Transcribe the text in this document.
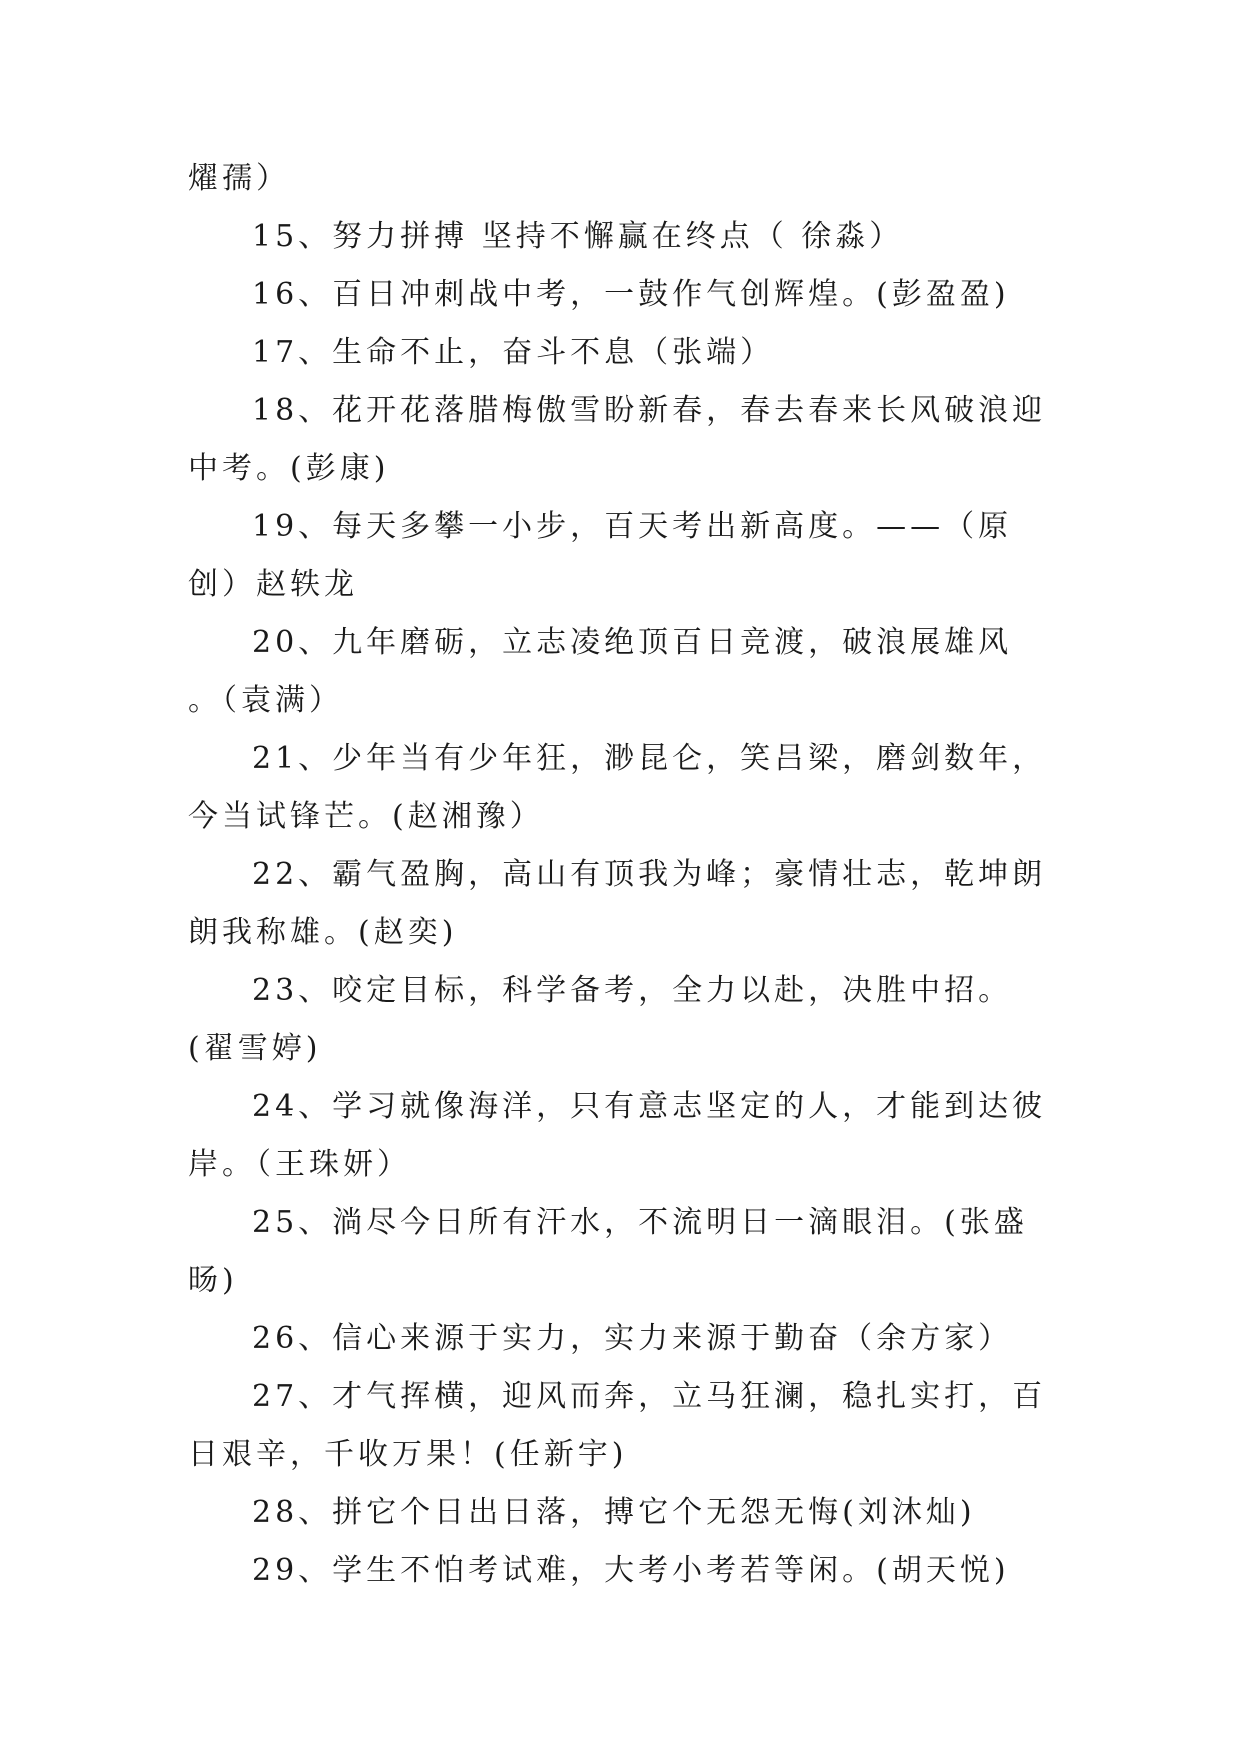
燿孺）

15、努力拼搏 坚持不懈赢在终点（ 徐淼）

16、百日冲刺战中考，一鼓作气创辉煌。(彭盈盈)

17、生命不止，奋斗不息（张端）

18、花开花落腊梅傲雪盼新春，春去春来长风破浪迎中考。(彭康)

19、每天多攀一小步，百天考出新高度。——（原创）赵轶龙

20、九年磨砺，立志凌绝顶百日竞渡，破浪展雄风 。（袁满）

21、少年当有少年狂，渺昆仑，笑吕梁，磨剑数年，今当试锋芒。(赵湘豫）

22、霸气盈胸，高山有顶我为峰；豪情壮志，乾坤朗朗我称雄。(赵奕)

23、咬定目标，科学备考，全力以赴，决胜中招。(翟雪婷)

24、学习就像海洋，只有意志坚定的人，才能到达彼岸。（王珠妍）

25、淌尽今日所有汗水，不流明日一滴眼泪。(张盛旸)

26、信心来源于实力，实力来源于勤奋（余方家）

27、才气挥横，迎风而奔，立马狂澜，稳扎实打，百日艰辛，千收万果！(任新宇)

28、拼它个日出日落，搏它个无怨无悔(刘沐灿)

29、学生不怕考试难，大考小考若等闲。(胡天悦)
